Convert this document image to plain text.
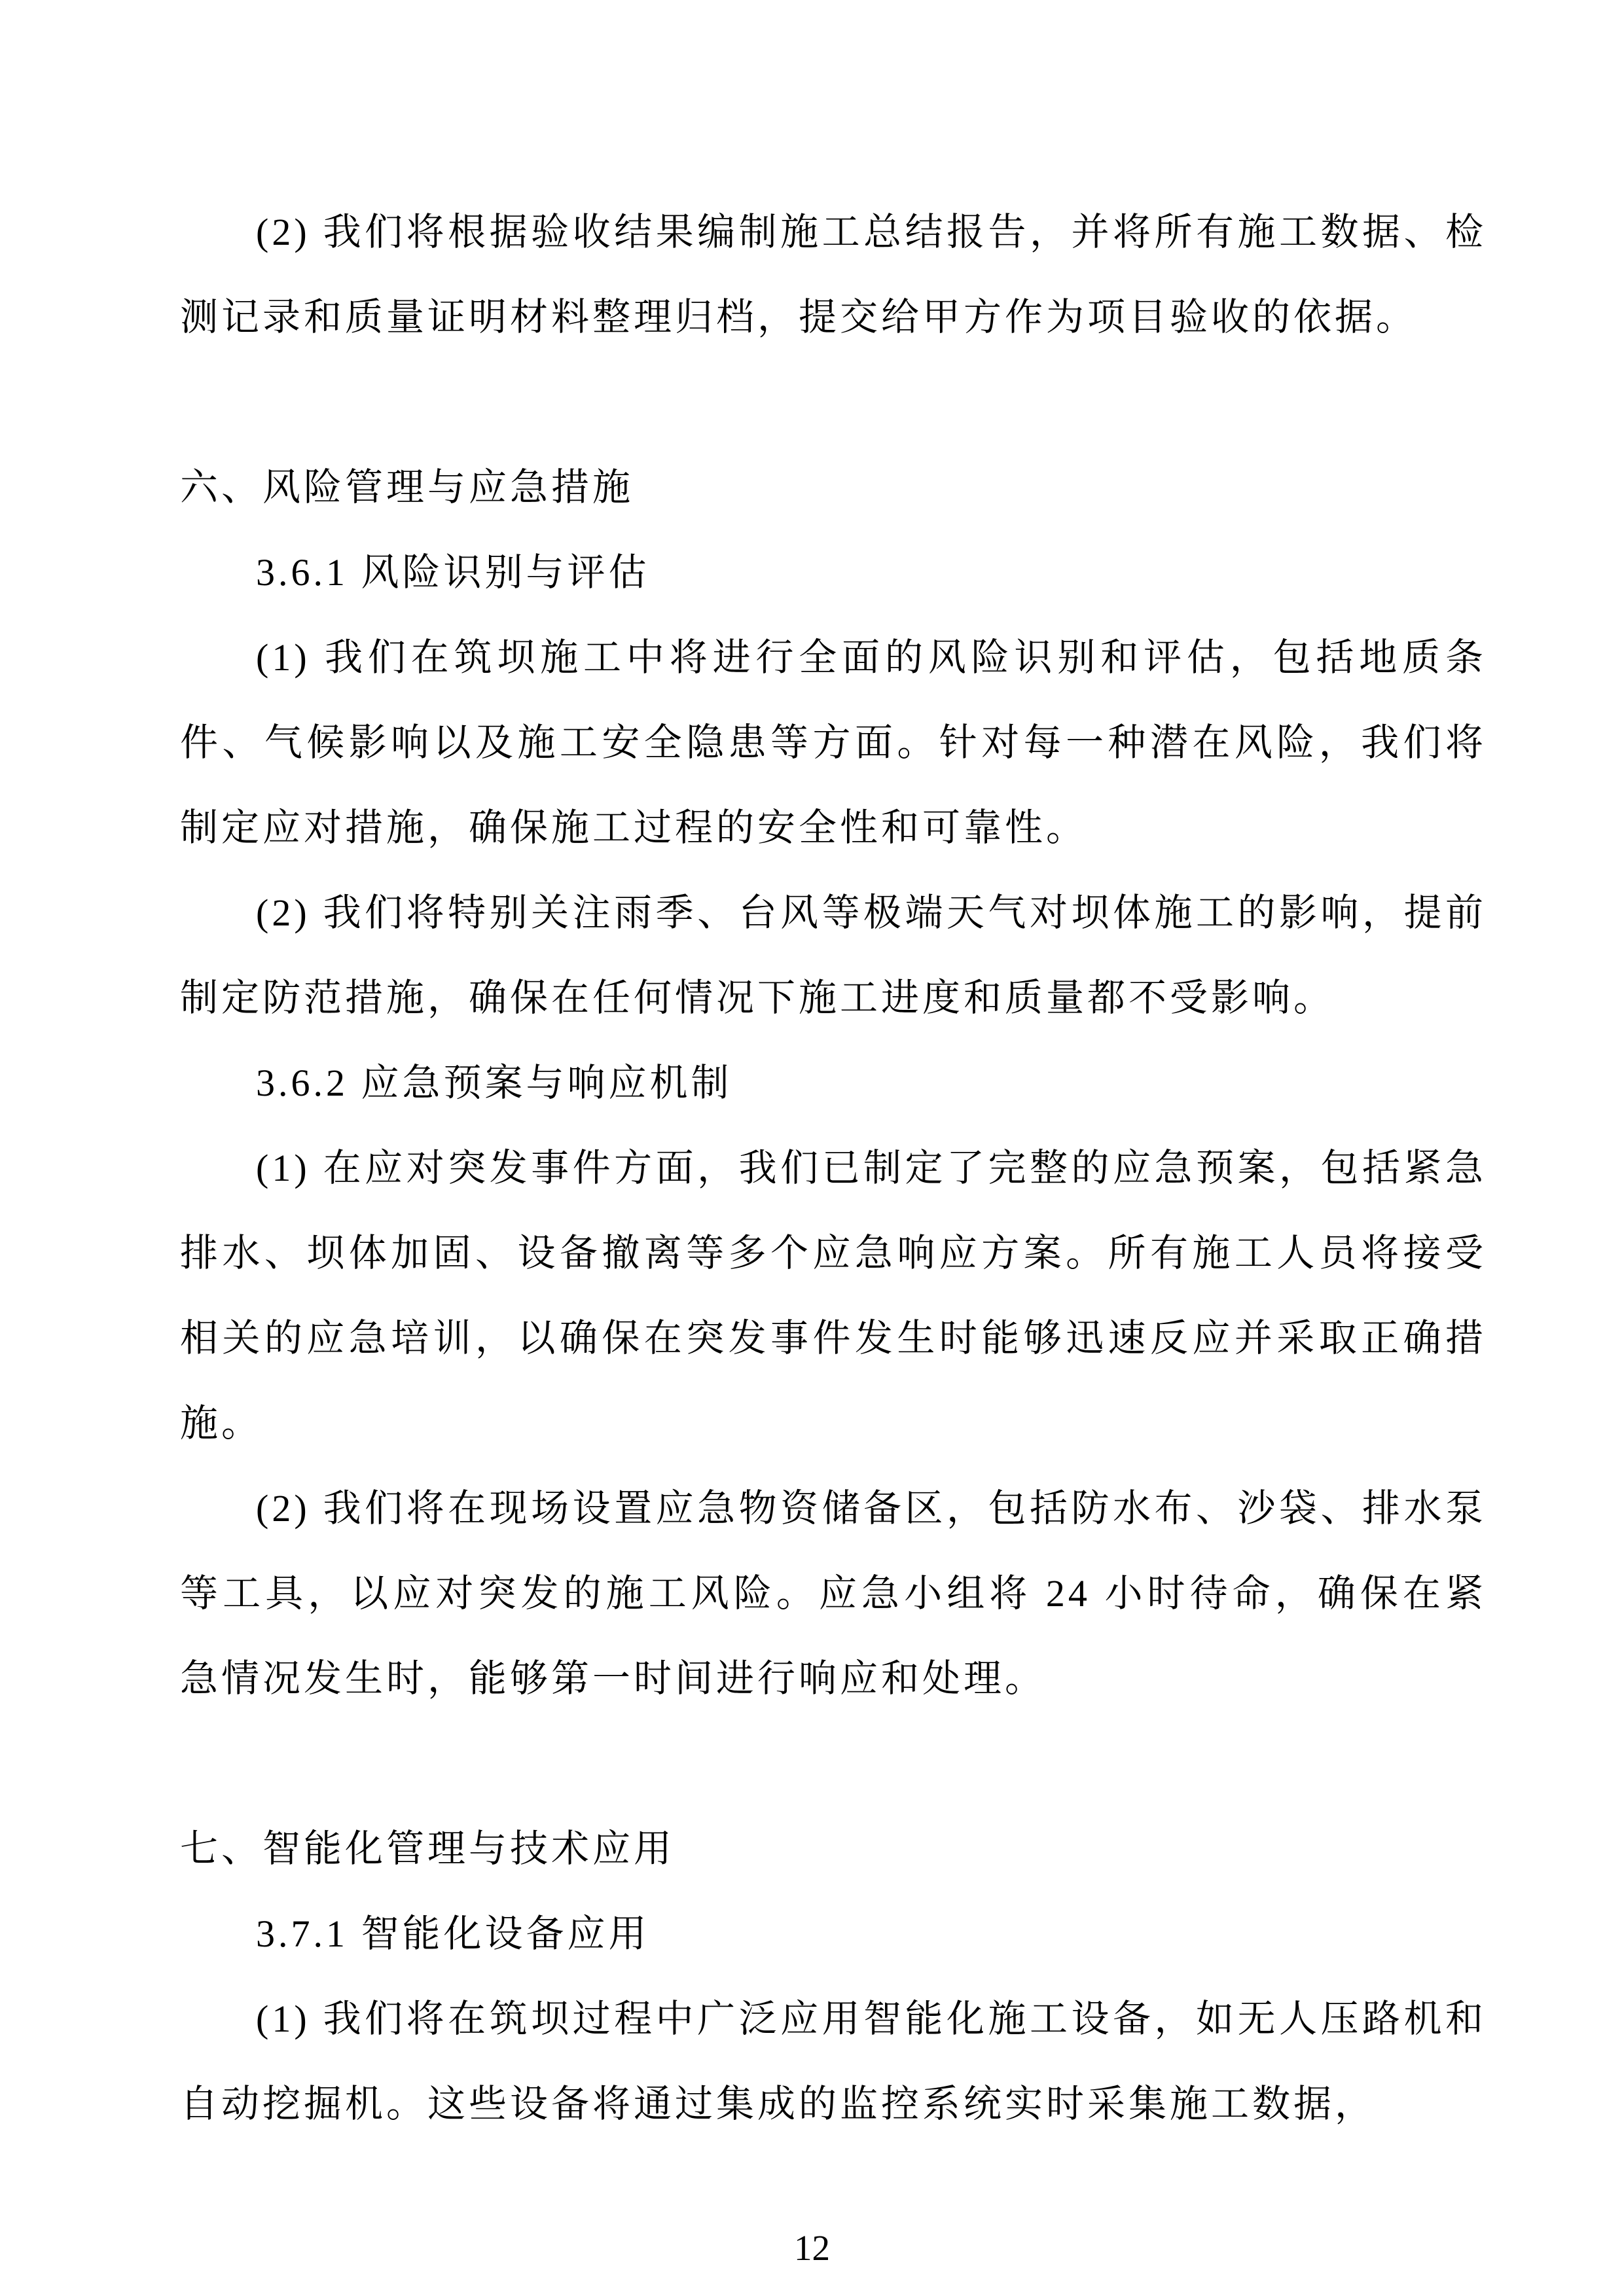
(2) 我们将根据验收结果编制施工总结报告，并将所有施工数据、检测记录和质量证明材料整理归档，提交给甲方作为项目验收的依据。

六、风险管理与应急措施

3.6.1 风险识别与评估

(1) 我们在筑坝施工中将进行全面的风险识别和评估，包括地质条件、气候影响以及施工安全隐患等方面。针对每一种潜在风险，我们将制定应对措施，确保施工过程的安全性和可靠性。

(2) 我们将特别关注雨季、台风等极端天气对坝体施工的影响，提前制定防范措施，确保在任何情况下施工进度和质量都不受影响。

3.6.2 应急预案与响应机制

(1) 在应对突发事件方面，我们已制定了完整的应急预案，包括紧急排水、坝体加固、设备撤离等多个应急响应方案。所有施工人员将接受相关的应急培训，以确保在突发事件发生时能够迅速反应并采取正确措施。

(2) 我们将在现场设置应急物资储备区，包括防水布、沙袋、排水泵等工具，以应对突发的施工风险。应急小组将 24 小时待命，确保在紧急情况发生时，能够第一时间进行响应和处理。

七、智能化管理与技术应用

3.7.1 智能化设备应用

(1) 我们将在筑坝过程中广泛应用智能化施工设备，如无人压路机和自动挖掘机。这些设备将通过集成的监控系统实时采集施工数据，

12
